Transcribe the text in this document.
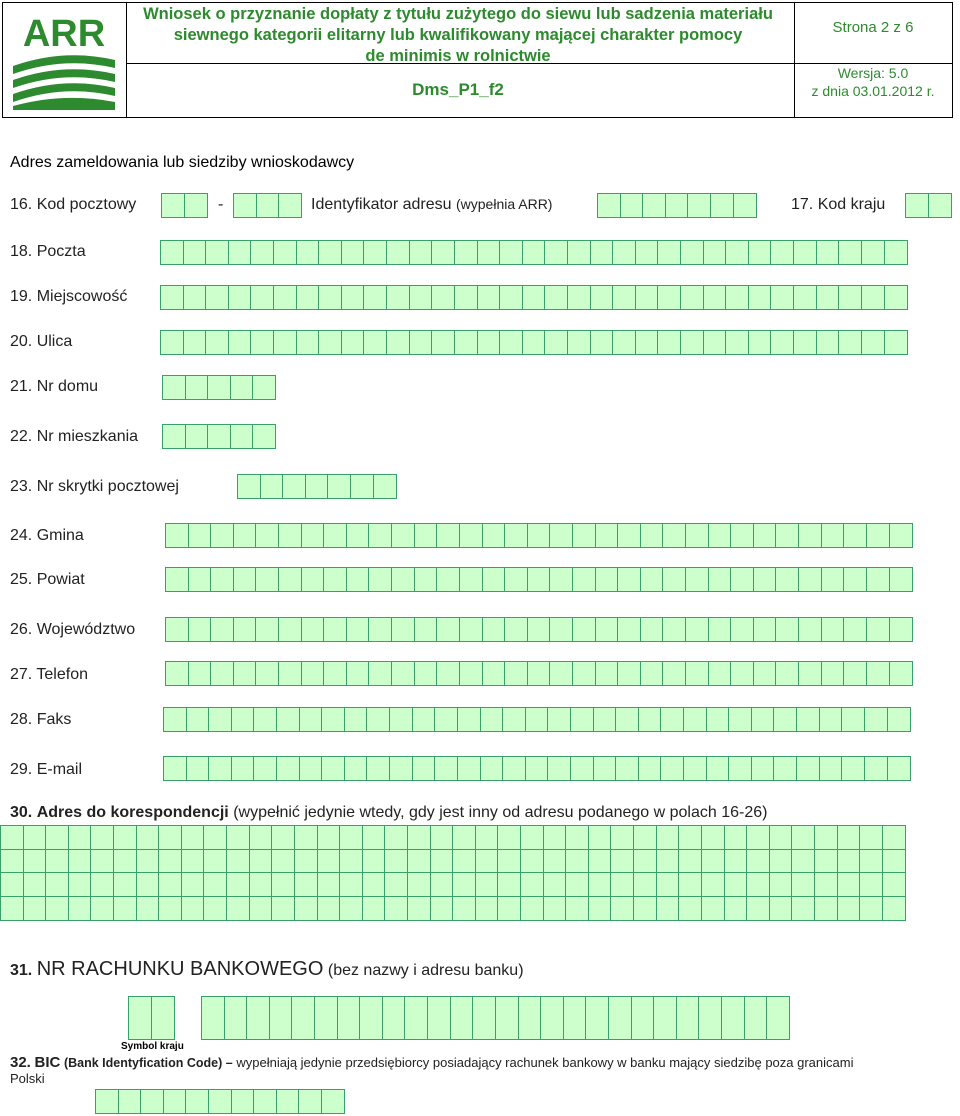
ARR	Wniosek o przyznanie dopłaty z tytułu zużytego do siewu lub sadzenia materiału
siewnego kategorii elitarny lub kwalifikowany mającej charakter pomocy
de minimis w rolnictwie
Dms_P1_f2
Strona 2 z 6
Wersja: 5.0
z dnia 03.01.2012 r.
Adres zameldowania lub siedziby wnioskodawcy
16. Kod pocztowy	-	Identyfikator adresu (wypełnia ARR)	17. Kod kraju
18. Poczta
19. Miejscowość
20. Ulica
21. Nr domu
22. Nr mieszkania
23. Nr skrytki pocztowej
24. Gmina
25. Powiat
26. Województwo
27. Telefon
28. Faks
29. E-mail
30. Adres do korespondencji (wypełnić jedynie wtedy, gdy jest inny od adresu podanego w polach 16-26)
31. NR RACHUNKU BANKOWEGO (bez nazwy i adresu banku)
Symbol kraju
32. BIC (Bank Identyfication Code) – wypełniają jedynie przedsiębiorcy posiadający rachunek bankowy w banku mający siedzibę poza granicami
Polski
